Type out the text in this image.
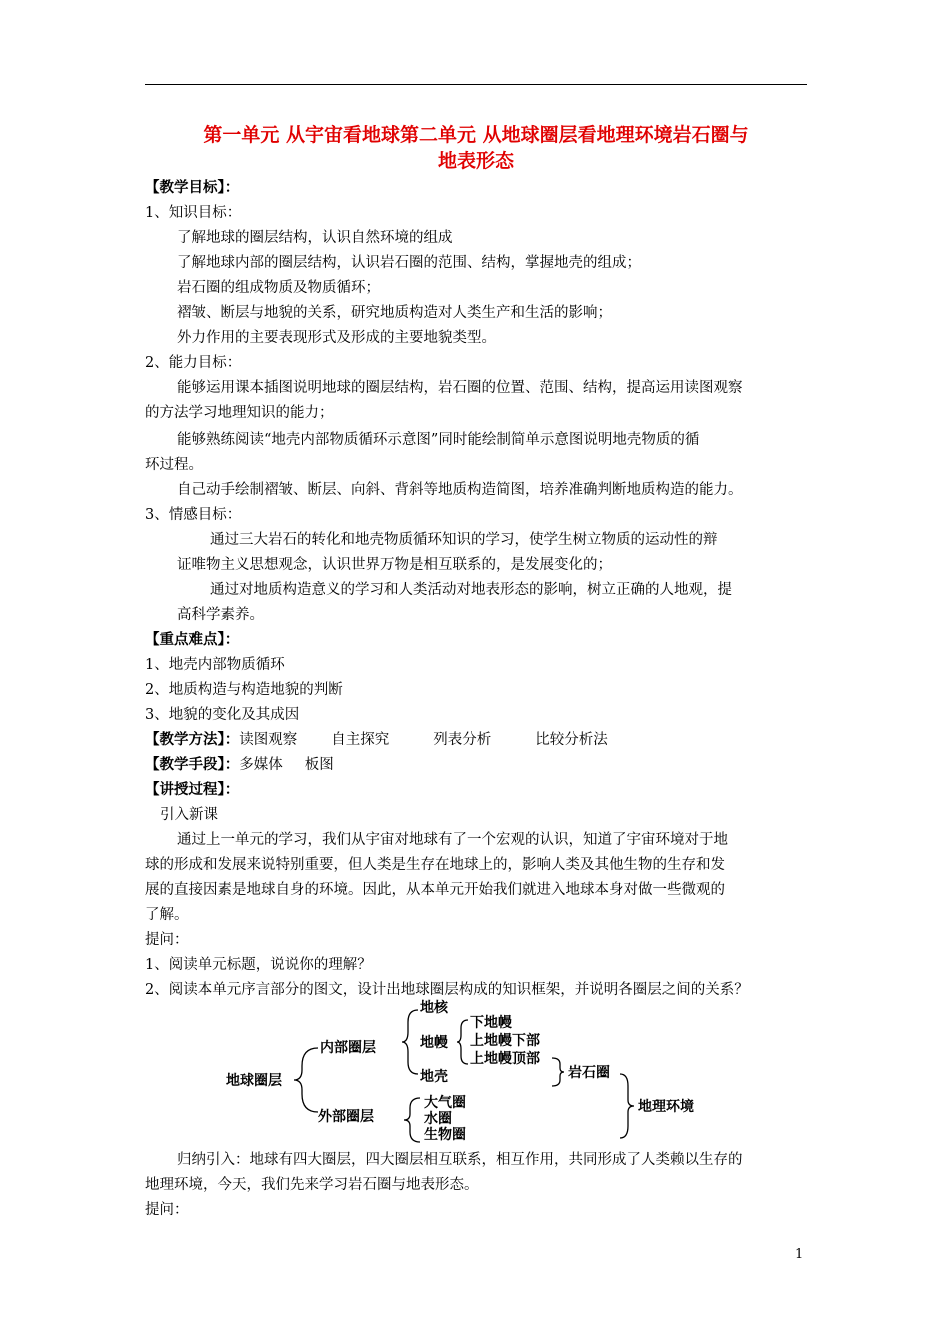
第一单元 从宇宙看地球第二单元 从地球圈层看地理环境岩石圈与
地表形态
【教学目标】：
1、知识目标：
了解地球的圈层结构，认识自然环境的组成
了解地球内部的圈层结构，认识岩石圈的范围、结构，掌握地壳的组成；
岩石圈的组成物质及物质循环；
褶皱、断层与地貌的关系，研究地质构造对人类生产和生活的影响；
外力作用的主要表现形式及形成的主要地貌类型。
2、能力目标：
能够运用课本插图说明地球的圈层结构，岩石圈的位置、范围、结构，提高运用读图观察
的方法学习地理知识的能力；
能够熟练阅读“地壳内部物质循环示意图”同时能绘制简单示意图说明地壳物质的循
环过程。
自己动手绘制褶皱、断层、向斜、背斜等地质构造简图，培养准确判断地质构造的能力。
3、情感目标：
通过三大岩石的转化和地壳物质循环知识的学习，使学生树立物质的运动性的辩
证唯物主义思想观念，认识世界万物是相互联系的，是发展变化的；
通过对地质构造意义的学习和人类活动对地表形态的影响，树立正确的人地观，提
高科学素养。
【重点难点】：
1、地壳内部物质循环
2、地质构造与构造地貌的判断
3、地貌的变化及其成因
【教学方法】：读图观察 自主探究	列表分析	比较分析法
【教学手段】：多媒体 板图
【讲授过程】：
引入新课
通过上一单元的学习，我们从宇宙对地球有了一个宏观的认识，知道了宇宙环境对于地
球的形成和发展来说特别重要，但人类是生存在地球上的，影响人类及其他生物的生存和发
展的直接因素是地球自身的环境。因此，从本单元开始我们就进入地球本身对做一些微观的
了解。
提问：
1、阅读单元标题，说说你的理解？
2、阅读本单元序言部分的图文，设计出地球圈层构成的知识框架，并说明各圈层之间的关系？
地球圈层
内部圈层
外部圈层
地核
地幔
下地幔
上地幔下部
上地幔顶部
地壳	岩石圈
大气圈
水圈
生物圈
地理环境
归纳引入：地球有四大圈层，四大圈层相互联系，相互作用，共同形成了人类赖以生存的
地理环境，今天，我们先来学习岩石圈与地表形态。
提问：
1
